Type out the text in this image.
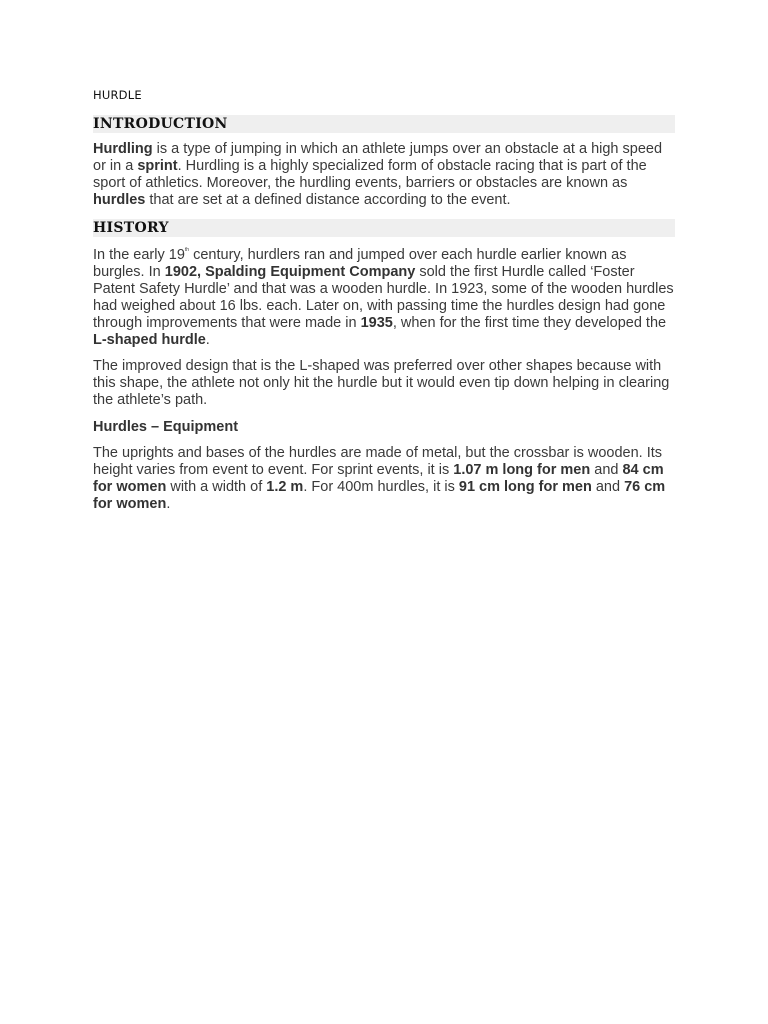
HURDLE

INTRODUCTION

Hurdling is a type of jumping in which an athlete jumps over an obstacle at a high speed or in a sprint. Hurdling is a highly specialized form of obstacle racing that is part of the sport of athletics. Moreover, the hurdling events, barriers or obstacles are known as hurdles that are set at a defined distance according to the event.

HISTORY

In the early 19th century, hurdlers ran and jumped over each hurdle earlier known as burgles. In 1902, Spalding Equipment Company sold the first Hurdle called ‘Foster Patent Safety Hurdle’ and that was a wooden hurdle. In 1923, some of the wooden hurdles had weighed about 16 lbs. each. Later on, with passing time the hurdles design had gone through improvements that were made in 1935, when for the first time they developed the L-shaped hurdle.

The improved design that is the L-shaped was preferred over other shapes because with this shape, the athlete not only hit the hurdle but it would even tip down helping in clearing the athlete’s path.

Hurdles – Equipment

The uprights and bases of the hurdles are made of metal, but the crossbar is wooden. Its height varies from event to event. For sprint events, it is 1.07 m long for men and 84 cm for women with a width of 1.2 m. For 400m hurdles, it is 91 cm long for men and 76 cm for women.
